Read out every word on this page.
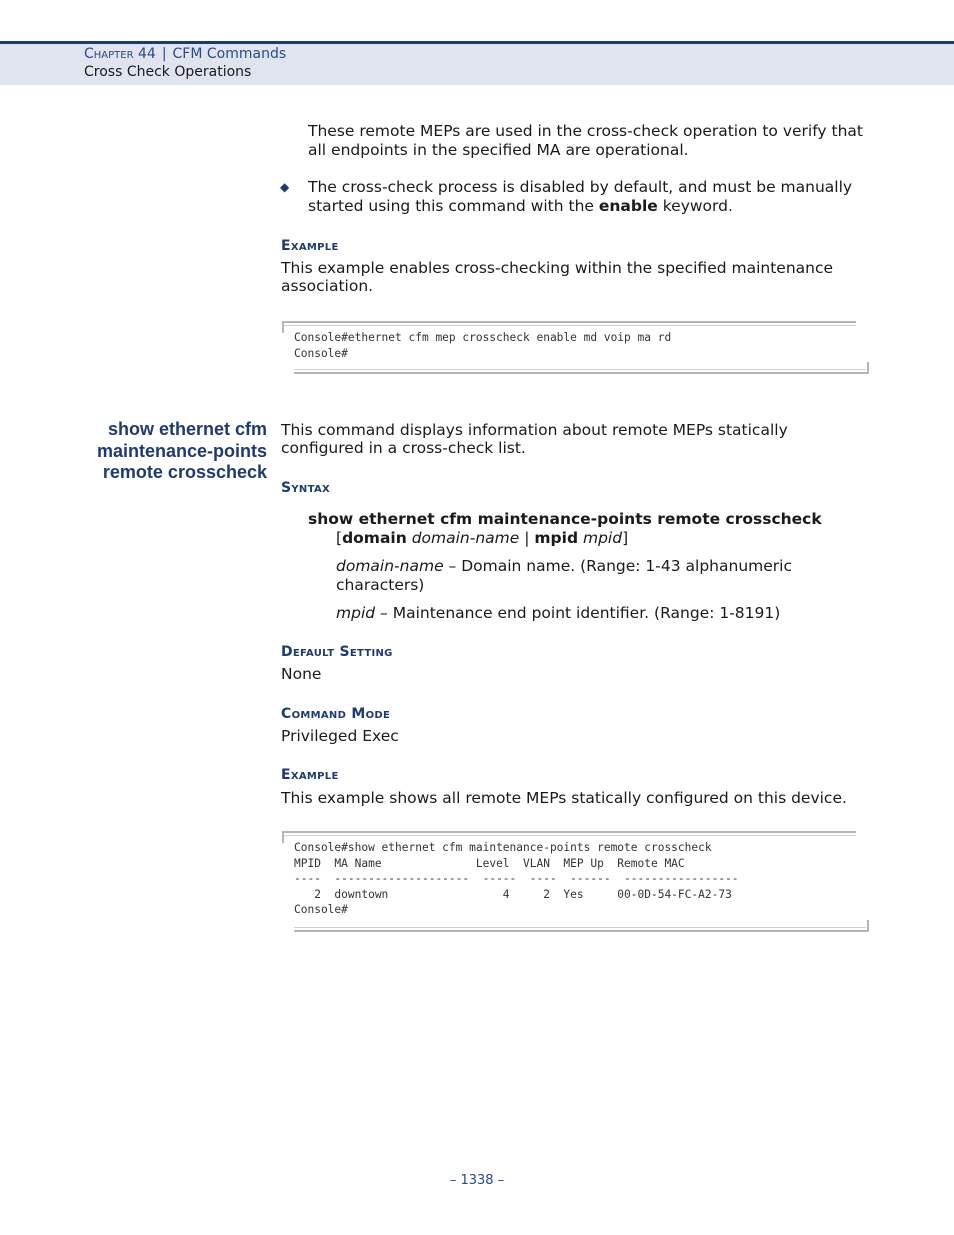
Chapter 44 | CFM Commands
Cross Check Operations
These remote MEPs are used in the cross-check operation to verify that
all endpoints in the specified MA are operational.
◆ The cross-check process is disabled by default, and must be manually
started using this command with the enable keyword.
Example
This example enables cross-checking within the specified maintenance
association.
Console#ethernet cfm mep crosscheck enable md voip ma rd
Console#
show ethernet cfm
maintenance-points
remote crosscheck
This command displays information about remote MEPs statically
configured in a cross-check list.
Syntax
show ethernet cfm maintenance-points remote crosscheck
[domain domain-name | mpid mpid]
domain-name – Domain name. (Range: 1-43 alphanumeric
characters)
mpid – Maintenance end point identifier. (Range: 1-8191)
Default Setting
None
Command Mode
Privileged Exec
Example
This example shows all remote MEPs statically configured on this device.
Console#show ethernet cfm maintenance-points remote crosscheck
MPID  MA Name              Level  VLAN  MEP Up  Remote MAC
----  --------------------  -----  ----  ------  -----------------
2  downtown                 4     2  Yes     00-0D-54-FC-A2-73
Console#
– 1338 –
